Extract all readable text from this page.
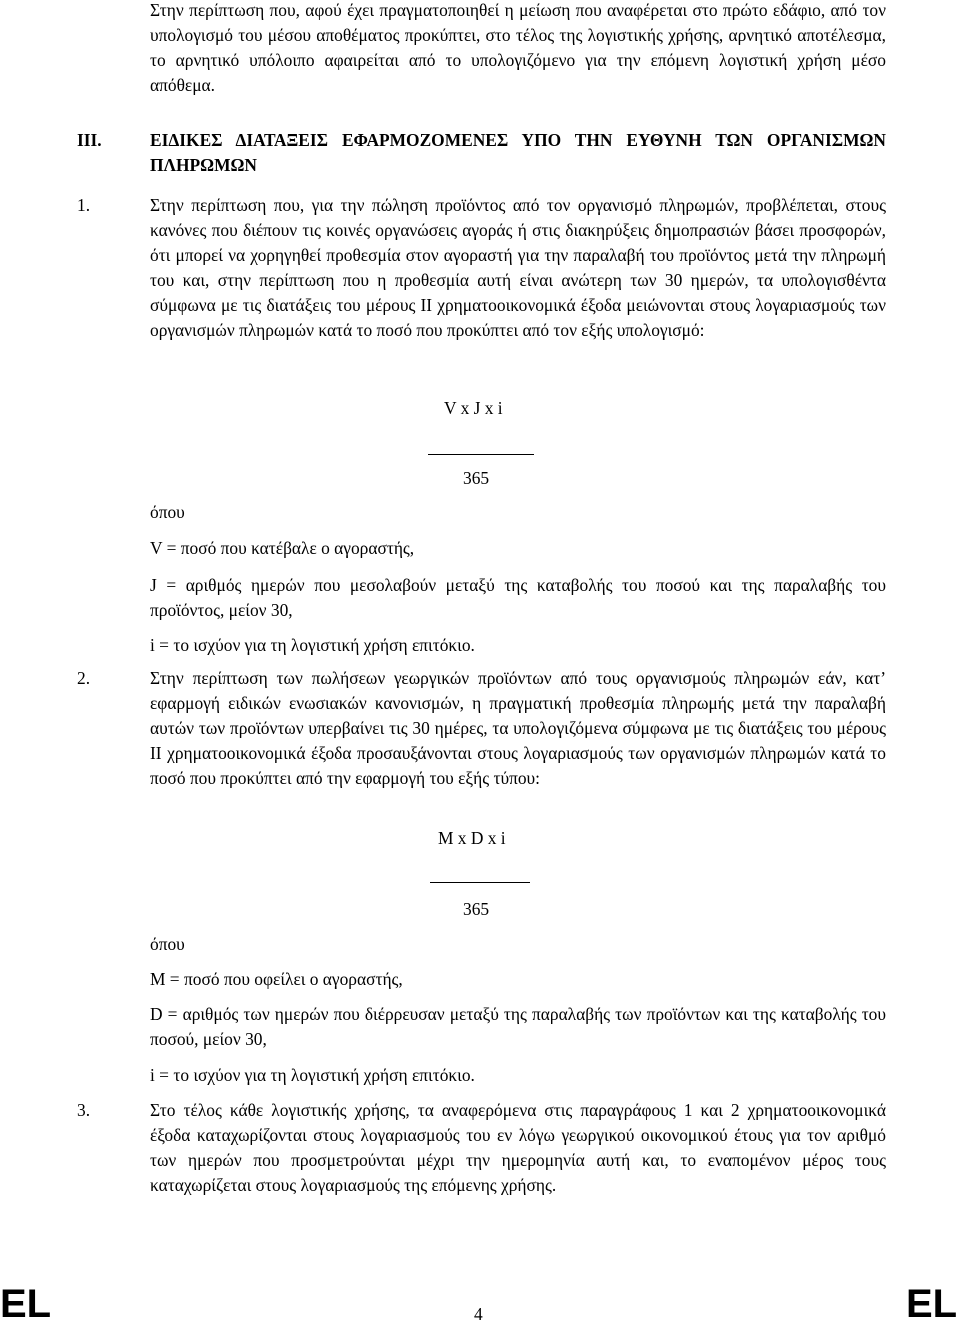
Στην περίπτωση που, αφού έχει πραγματοποιηθεί η μείωση που αναφέρεται στο πρώτο εδάφιο, από τον υπολογισμό του μέσου αποθέματος προκύπτει, στο τέλος της λογιστικής χρήσης, αρνητικό αποτέλεσμα, το αρνητικό υπόλοιπο αφαιρείται από το υπολογιζόμενο για την επόμενη λογιστική χρήση μέσο απόθεμα.

III.	ΕΙΔΙΚΕΣ ΔΙΑΤΑΞΕΙΣ ΕΦΑΡΜΟΖΟΜΕΝΕΣ ΥΠΟ ΤΗΝ ΕΥΘΥΝΗ ΤΩΝ ΟΡΓΑΝΙΣΜΩΝ ΠΛΗΡΩΜΩΝ

1.	Στην περίπτωση που, για την πώληση προϊόντος από τον οργανισμό πληρωμών, προβλέπεται, στους κανόνες που διέπουν τις κοινές οργανώσεις αγοράς ή στις διακηρύξεις δημοπρασιών βάσει προσφορών, ότι μπορεί να χορηγηθεί προθεσμία στον αγοραστή για την παραλαβή του προϊόντος μετά την πληρωμή του και, στην περίπτωση που η προθεσμία αυτή είναι ανώτερη των 30 ημερών, τα υπολογισθέντα σύμφωνα με τις διατάξεις του μέρους II χρηματοοικονομικά έξοδα μειώνονται στους λογαριασμούς των οργανισμών πληρωμών κατά το ποσό που προκύπτει από τον εξής υπολογισμό:

V x J x i

365

όπου

V = ποσό που κατέβαλε ο αγοραστής,

J = αριθμός ημερών που μεσολαβούν μεταξύ της καταβολής του ποσού και της παραλαβής του προϊόντος, μείον 30,

i = το ισχύον για τη λογιστική χρήση επιτόκιο.

2.	Στην περίπτωση των πωλήσεων γεωργικών προϊόντων από τους οργανισμούς πληρωμών εάν, κατ’ εφαρμογή ειδικών ενωσιακών κανονισμών, η πραγματική προθεσμία πληρωμής μετά την παραλαβή αυτών των προϊόντων υπερβαίνει τις 30 ημέρες, τα υπολογιζόμενα σύμφωνα με τις διατάξεις του μέρους II χρηματοοικονομικά έξοδα προσαυξάνονται στους λογαριασμούς των οργανισμών πληρωμών κατά το ποσό που προκύπτει από την εφαρμογή του εξής τύπου:

M x D x i

365

όπου

M = ποσό που οφείλει ο αγοραστής,

D = αριθμός των ημερών που διέρρευσαν μεταξύ της παραλαβής των προϊόντων και της καταβολής του ποσού, μείον 30,

i = το ισχύον για τη λογιστική χρήση επιτόκιο.

3.	Στο τέλος κάθε λογιστικής χρήσης, τα αναφερόμενα στις παραγράφους 1 και 2 χρηματοοικονομικά έξοδα καταχωρίζονται στους λογαριασμούς του εν λόγω γεωργικού οικονομικού έτους για τον αριθμό των ημερών που προσμετρούνται μέχρι την ημερομηνία αυτή και, το εναπομένον μέρος τους καταχωρίζεται στους λογαριασμούς της επόμενης χρήσης.

EL	4	EL
